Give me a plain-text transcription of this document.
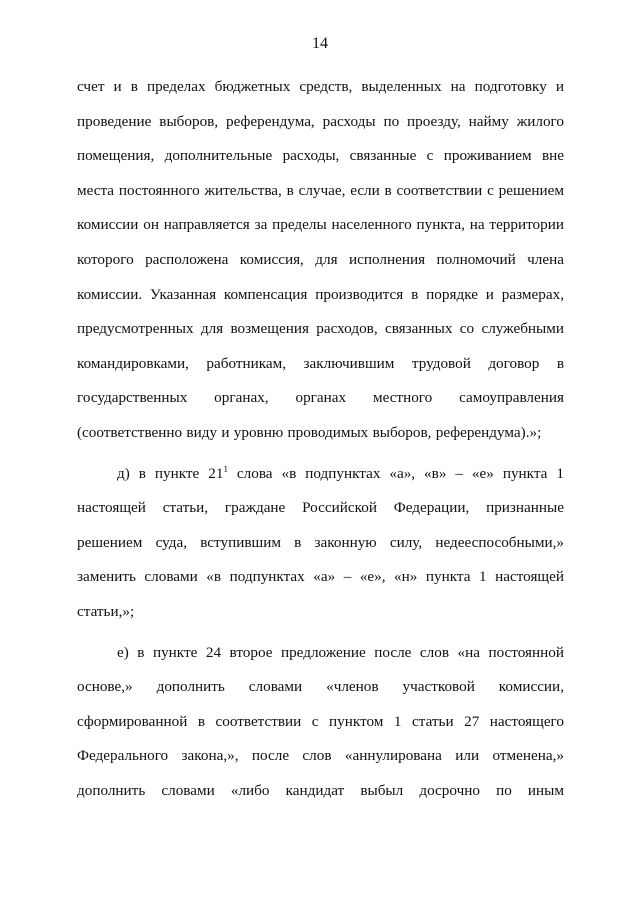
14

счет и в пределах бюджетных средств, выделенных на подготовку и проведение выборов, референдума, расходы по проезду, найму жилого помещения, дополнительные расходы, связанные с проживанием вне места постоянного жительства, в случае, если в соответствии с решением комиссии он направляется за пределы населенного пункта, на территории которого расположена комиссия, для исполнения полномочий члена комиссии. Указанная компенсация производится в порядке и размерах, предусмотренных для возмещения расходов, связанных со служебными командировками, работникам, заключившим трудовой договор в государственных органах, органах местного самоуправления (соответственно виду и уровню проводимых выборов, референдума).»;

д) в пункте $21^1$ слова «в подпунктах «а», «в» – «е» пункта 1 настоящей статьи, граждане Российской Федерации, признанные решением суда, вступившим в законную силу, недееспособными,» заменить словами «в подпунктах «а» – «е», «н» пункта 1 настоящей статьи,»;

е) в пункте 24 второе предложение после слов «на постоянной основе,» дополнить словами «членов участковой комиссии, сформированной в соответствии с пунктом 1 статьи 27 настоящего Федерального закона,», после слов «аннулирована или отменена,» дополнить словами «либо кандидат выбыл досрочно по иным
